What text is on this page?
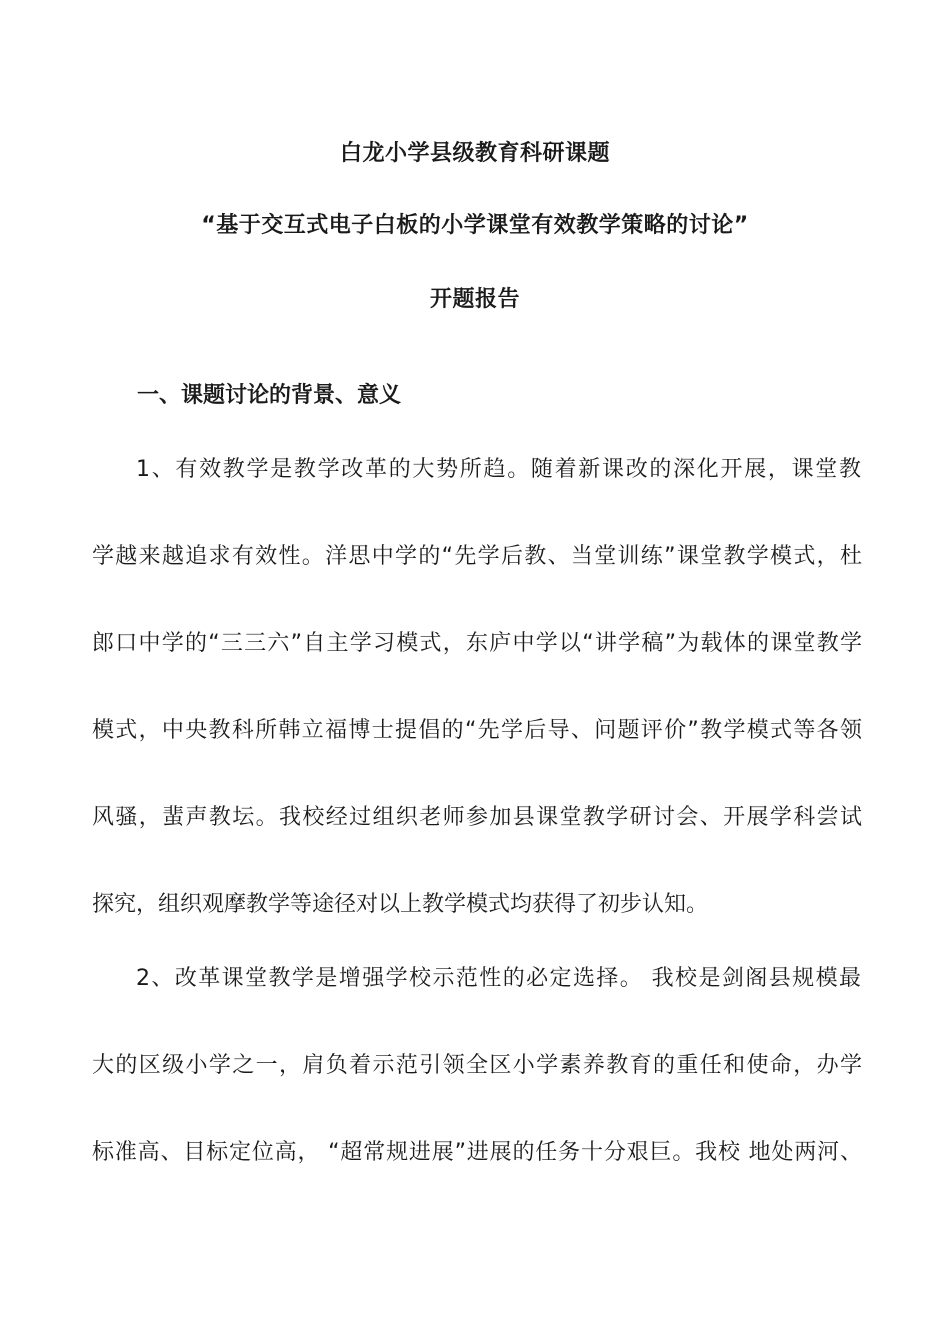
白龙小学县级教育科研课题
“基于交互式电子白板的小学课堂有效教学策略的讨论”
开题报告
一、课题讨论的背景、意义
1、有效教学是教学改革的大势所趋。随着新课改的深化开展，课堂教
学越来越追求有效性。洋思中学的“先学后教、当堂训练”课堂教学模式，杜
郎口中学的“三三六”自主学习模式，东庐中学以“讲学稿”为载体的课堂教学
模式，中央教科所韩立福博士提倡的“先学后导、问题评价”教学模式等各领
风骚，蜚声教坛。我校经过组织老师参加县课堂教学研讨会、开展学科尝试
探究，组织观摩教学等途径对以上教学模式均获得了初步认知。
2、改革课堂教学是增强学校示范性的必定选择。 我校是剑阁县规模最
大的区级小学之一，肩负着示范引领全区小学素养教育的重任和使命，办学
标准高、目标定位高， “超常规进展”进展的任务十分艰巨。我校 地处两河、
